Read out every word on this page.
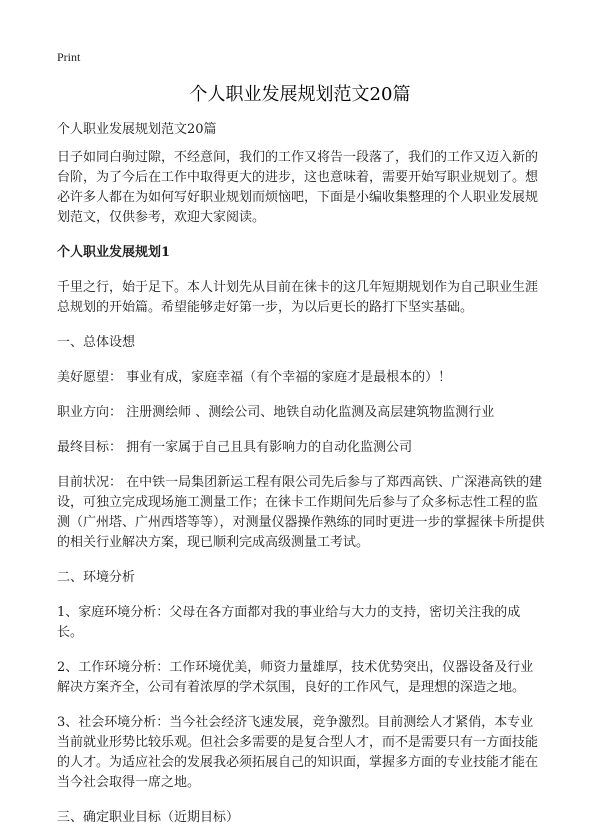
Print
个人职业发展规划范文20篇

个人职业发展规划范文20篇

日子如同白驹过隙，不经意间，我们的工作又将告一段落了，我们的工作又迈入新的台阶，为了今后在工作中取得更大的进步，这也意味着，需要开始写职业规划了。想必许多人都在为如何写好职业规划而烦恼吧，下面是小编收集整理的个人职业发展规划范文，仅供参考，欢迎大家阅读。

个人职业发展规划1

千里之行，始于足下。本人计划先从目前在徕卡的这几年短期规划作为自己职业生涯总规划的开始篇。希望能够走好第一步，为以后更长的路打下坚实基础。

一、总体设想

美好愿望： 事业有成，家庭幸福（有个幸福的家庭才是最根本的）！

职业方向： 注册测绘师 、测绘公司、地铁自动化监测及高层建筑物监测行业

最终目标： 拥有一家属于自己且具有影响力的自动化监测公司

目前状况： 在中铁一局集团新运工程有限公司先后参与了郑西高铁、广深港高铁的建设，可独立完成现场施工测量工作；在徕卡工作期间先后参与了众多标志性工程的监测（广州塔、广州西塔等等），对测量仪器操作熟练的同时更进一步的掌握徕卡所提供的相关行业解决方案，现已顺利完成高级测量工考试。

二、环境分析

1、家庭环境分析：父母在各方面都对我的事业给与大力的支持，密切关注我的成长。

2、工作环境分析：工作环境优美，师资力量雄厚，技术优势突出，仪器设备及行业解决方案齐全，公司有着浓厚的学术氛围，良好的工作风气，是理想的深造之地。

3、社会环境分析：当今社会经济飞速发展，竞争激烈。目前测绘人才紧俏，本专业当前就业形势比较乐观。但社会多需要的是复合型人才，而不是需要只有一方面技能的人才。为适应社会的发展我必须拓展自己的知识面，掌握多方面的专业技能才能在当今社会取得一席之地。

三、确定职业目标（近期目标）
